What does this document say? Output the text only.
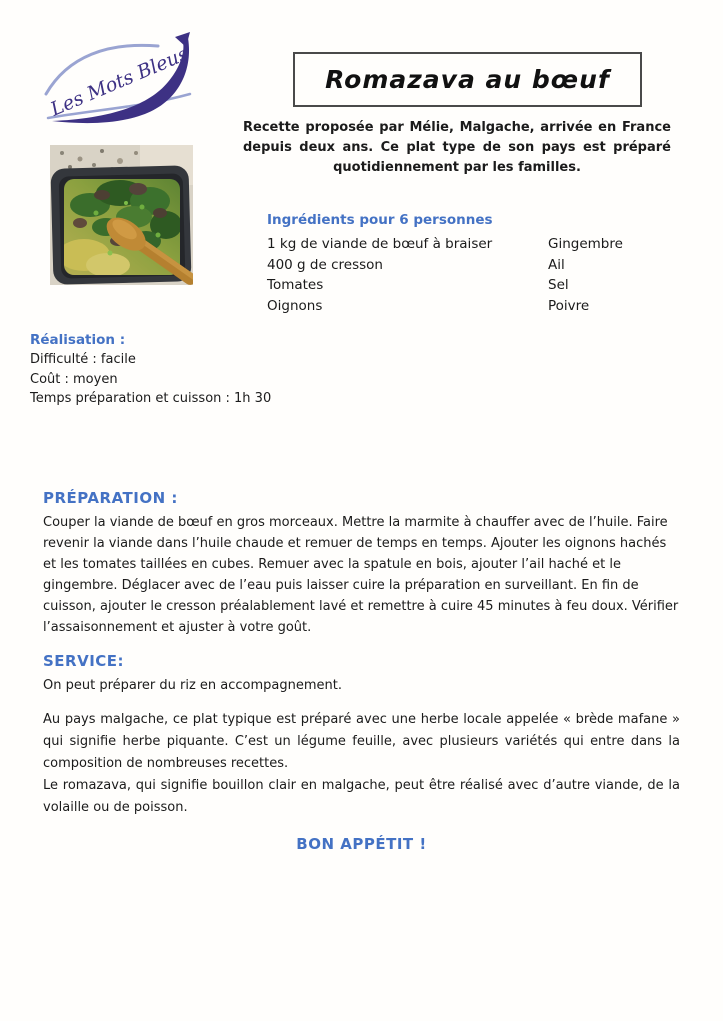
Les Mots Bleus	Romazava au bœuf

Recette proposée par Mélie, Malgache, arrivée en France depuis deux ans. Ce plat type de son pays est préparé quotidiennement par les familles.

Ingrédients pour 6 personnes
1 kg de viande de bœuf à braiser	Gingembre
400 g de cresson	Ail
Tomates	Sel
Oignons	Poivre
Réalisation :

Difficulté : facile

Coût : moyen

Temps préparation et cuisson : 1h 30

PRÉPARATION :

Couper la viande de bœuf en gros morceaux. Mettre la marmite à chauffer avec de l’huile. Faire revenir la viande dans l’huile chaude et remuer de temps en temps. Ajouter les oignons hachés et les tomates taillées en cubes. Remuer avec la spatule en bois, ajouter l’ail haché et le gingembre. Déglacer avec de l’eau puis laisser cuire la préparation en surveillant. En fin de cuisson, ajouter le cresson préalablement lavé et remettre à cuire 45 minutes à feu doux. Vérifier l’assaisonnement et ajuster à votre goût.

SERVICE:

On peut préparer du riz en accompagnement.

Au pays malgache, ce plat typique est préparé avec une herbe locale appelée « brède mafane » qui signifie herbe piquante. C’est un légume feuille, avec plusieurs variétés qui entre dans la composition de nombreuses recettes.

Le romazava, qui signifie bouillon clair en malgache, peut être réalisé avec d’autre viande, de la volaille ou de poisson.

BON APPÉTIT !
